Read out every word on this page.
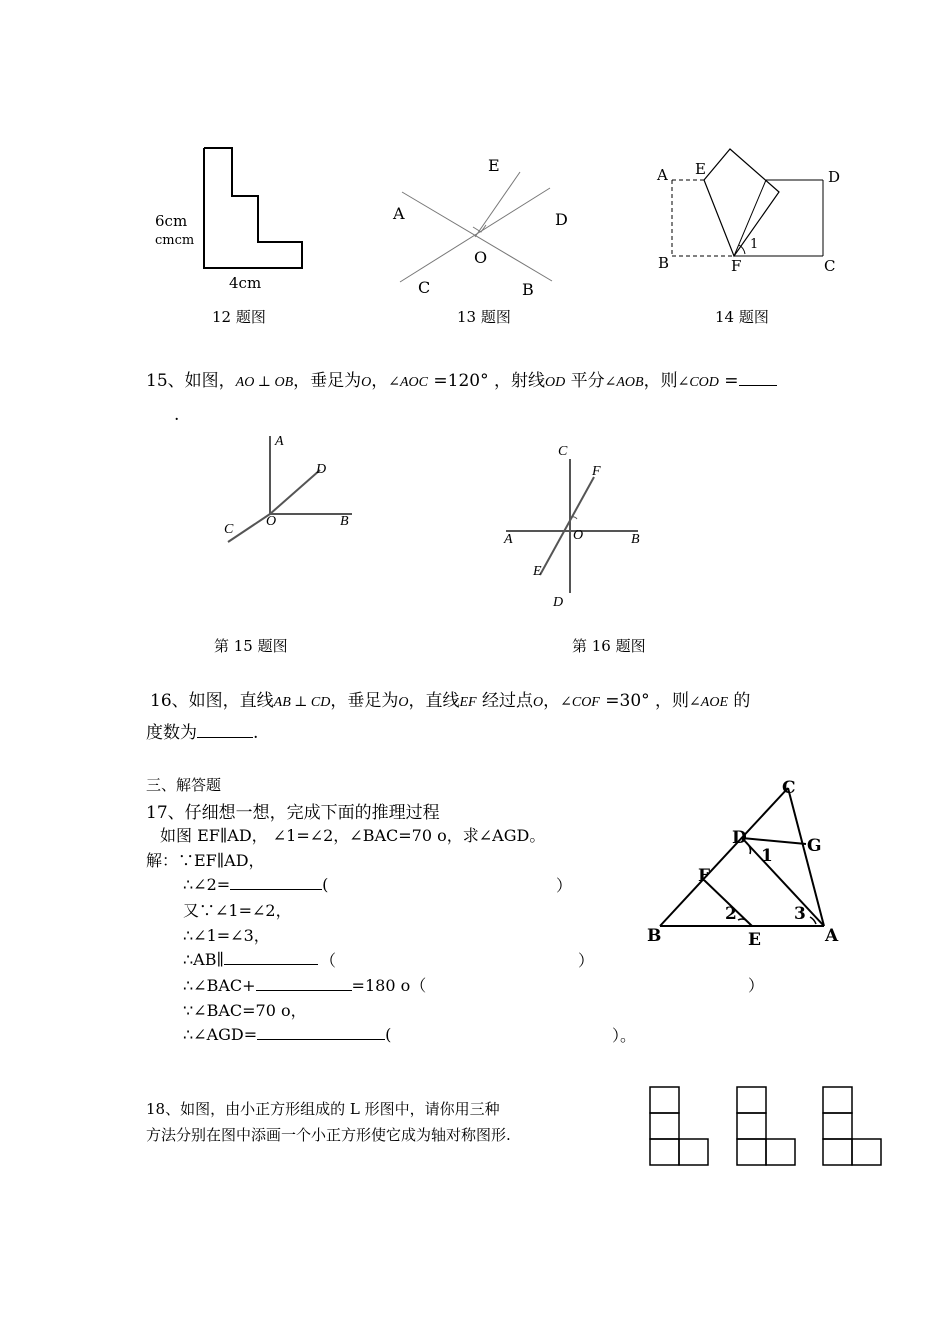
6cm
cmcm
4cm
12 题图
E
A	D
O
C	B
13 题图
A E	D
B	F	C
1
14 题图
15、如图，AO ⊥ OB，垂足为O，∠AOC =120° ，射线OD 平分∠AOB，则∠COD =
.
A
D
C
O	B
第 15 题图
C
F
A	O	B
E
D
第 16 题图
16、如图，直线AB ⊥ CD，垂足为O，直线EF 经过点O，∠COF =30° ，则∠AOE 的
度数为	.
三、解答题
17、仔细想一想，完成下面的推理过程
如图 EF∥AD， ∠1=∠2，∠BAC=70 o，求∠AGD。
解：∵EF∥AD，
∴∠2=	(	）
又∵∠1=∠2，
∴∠1=∠3，
∴AB∥	（	）
∴∠BAC+	=180 o（	）
∵∠BAC=70 o，
∴∠AGD=	(	）。
C
D	G
1
F
2	3
B	E	A
18、如图，由小正方形组成的 L 形图中，请你用三种
方法分别在图中添画一个小正方形使它成为轴对称图形.
